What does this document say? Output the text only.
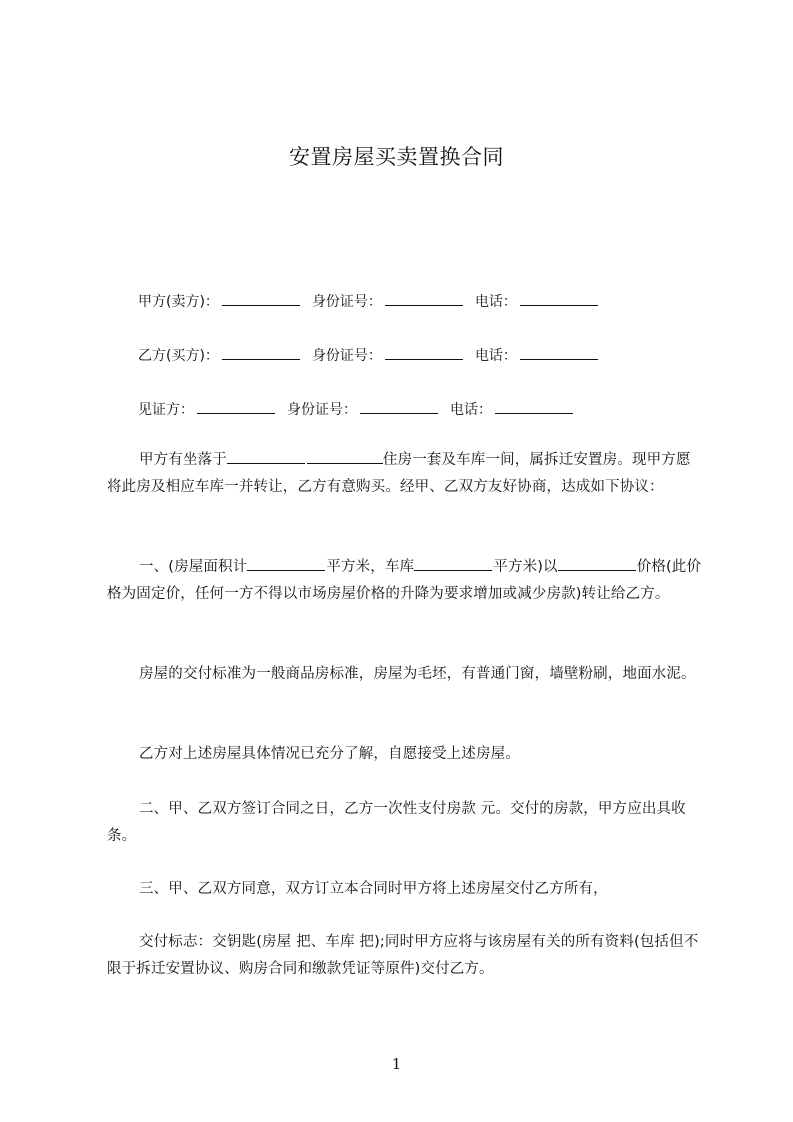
安置房屋买卖置换合同
甲方(卖方)：	身份证号：	电话：
乙方(买方)：	身份证号：	电话：
见证方：	身份证号：	电话：

甲方有坐落于	住房一套及车库一间，属拆迁安置房。现甲方愿将此房及相应车库一并转让，乙方有意购买。经甲、乙双方友好协商，达成如下协议：

一、(房屋面积计	平方米，车库	平方米)以	价格(此价格为固定价，任何一方不得以市场房屋价格的升降为要求增加或减少房款)转让给乙方。

房屋的交付标准为一般商品房标准，房屋为毛坯，有普通门窗，墙壁粉刷，地面水泥。

乙方对上述房屋具体情况已充分了解，自愿接受上述房屋。

二、甲、乙双方签订合同之日，乙方一次性支付房款 元。交付的房款，甲方应出具收条。

三、甲、乙双方同意，双方订立本合同时甲方将上述房屋交付乙方所有，

交付标志：交钥匙(房屋 把、车库 把);同时甲方应将与该房屋有关的所有资料(包括但不限于拆迁安置协议、购房合同和缴款凭证等原件)交付乙方。

1
